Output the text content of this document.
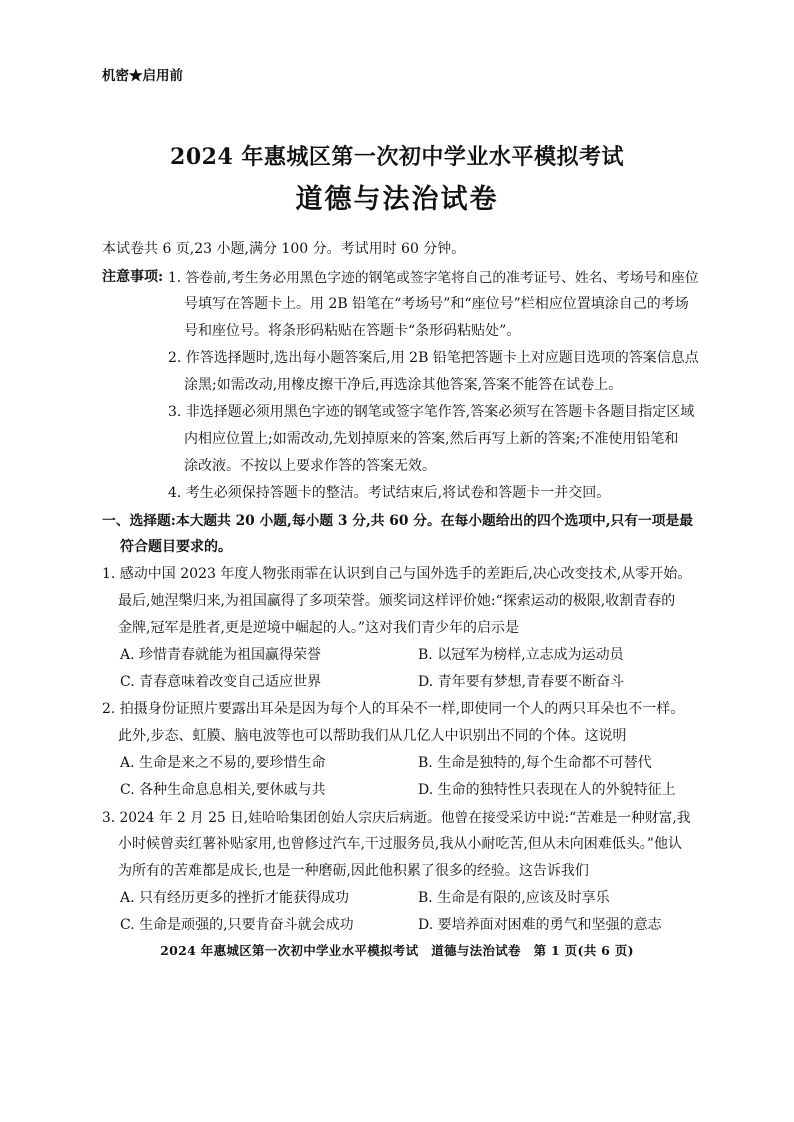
机密★启用前
2024 年惠城区第一次初中学业水平模拟考试
道德与法治试卷
本试卷共 6 页,23 小题,满分 100 分。考试用时 60 分钟。
注意事项: 1. 答卷前,考生务必用黑色字迹的钢笔或签字笔将自己的准考证号、姓名、考场号和座位
号填写在答题卡上。用 2B 铅笔在“考场号”和“座位号”栏相应位置填涂自己的考场
号和座位号。将条形码粘贴在答题卡“条形码粘贴处”。
2. 作答选择题时,选出每小题答案后,用 2B 铅笔把答题卡上对应题目选项的答案信息点
涂黑;如需改动,用橡皮擦干净后,再选涂其他答案,答案不能答在试卷上。
3. 非选择题必须用黑色字迹的钢笔或签字笔作答,答案必须写在答题卡各题目指定区域
内相应位置上;如需改动,先划掉原来的答案,然后再写上新的答案;不准使用铅笔和
涂改液。不按以上要求作答的答案无效。
4. 考生必须保持答题卡的整洁。考试结束后,将试卷和答题卡一并交回。
一、选择题:本大题共 20 小题,每小题 3 分,共 60 分。在每小题给出的四个选项中,只有一项是最
符合题目要求的。
1. 感动中国 2023 年度人物张雨霏在认识到自己与国外选手的差距后,决心改变技术,从零开始。
最后,她涅槃归来,为祖国赢得了多项荣誉。颁奖词这样评价她:“探索运动的极限,收割青春的
金牌,冠军是胜者,更是逆境中崛起的人。”这对我们青少年的启示是
A. 珍惜青春就能为祖国赢得荣誉	B. 以冠军为榜样,立志成为运动员
C. 青春意味着改变自己适应世界	D. 青年要有梦想,青春要不断奋斗
2. 拍摄身份证照片要露出耳朵是因为每个人的耳朵不一样,即使同一个人的两只耳朵也不一样。
此外,步态、虹膜、脑电波等也可以帮助我们从几亿人中识别出不同的个体。这说明
A. 生命是来之不易的,要珍惜生命	B. 生命是独特的,每个生命都不可替代
C. 各种生命息息相关,要休戚与共	D. 生命的独特性只表现在人的外貌特征上
3. 2024 年 2 月 25 日,娃哈哈集团创始人宗庆后病逝。他曾在接受采访中说:“苦难是一种财富,我
小时候曾卖红薯补贴家用,也曾修过汽车,干过服务员,我从小耐吃苦,但从未向困难低头。”他认
为所有的苦难都是成长,也是一种磨砺,因此他积累了很多的经验。这告诉我们
A. 只有经历更多的挫折才能获得成功	B. 生命是有限的,应该及时享乐
C. 生命是顽强的,只要肯奋斗就会成功	D. 要培养面对困难的勇气和坚强的意志
2024 年惠城区第一次初中学业水平模拟考试　道德与法治试卷　第 1 页(共 6 页)
